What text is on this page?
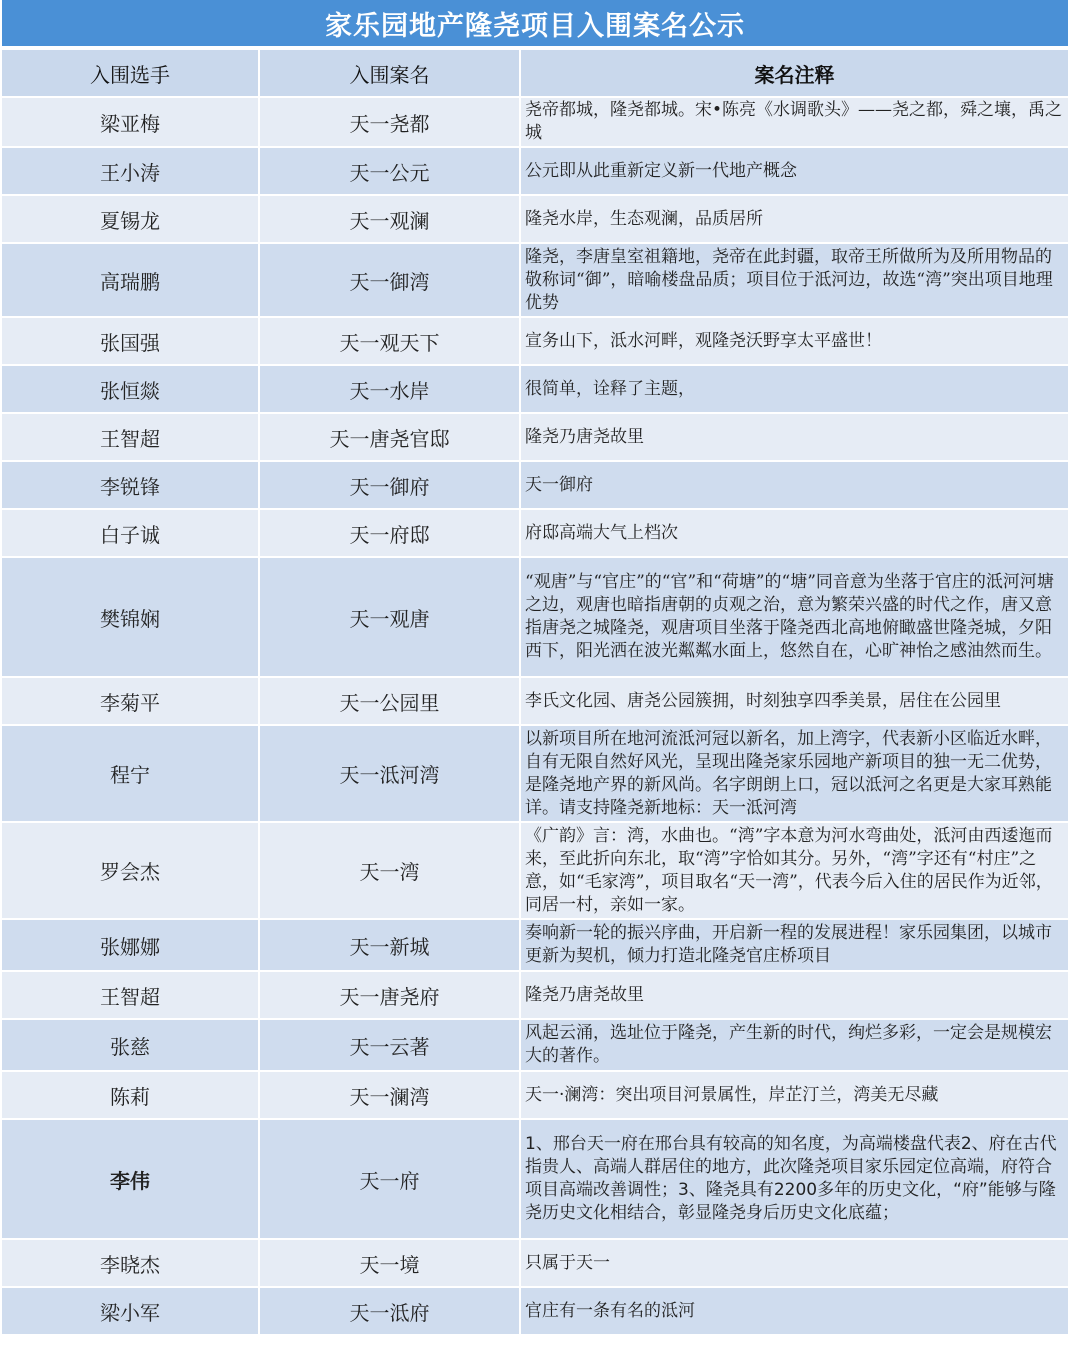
家乐园地产隆尧项目入围案名公示
入围选手	入围案名	案名注释
梁亚梅	天一尧都	尧帝都城，隆尧都城。宋•陈亮《水调歌头》——尧之都，舜之壤，禹之城
王小涛	天一公元	公元即从此重新定义新一代地产概念
夏锡龙	天一观澜	隆尧水岸，生态观澜，品质居所
高瑞鹏	天一御湾	隆尧，李唐皇室祖籍地，尧帝在此封疆，取帝王所做所为及所用物品的敬称词“御”，暗喻楼盘品质；项目位于泜河边，故选“湾”突出项目地理优势
张国强	天一观天下	宣务山下，泜水河畔，观隆尧沃野享太平盛世！
张恒燚	天一水岸	很简单，诠释了主题，
王智超	天一唐尧官邸	隆尧乃唐尧故里
李锐锋	天一御府	天一御府
白子诚	天一府邸	府邸高端大气上档次
樊锦娴	天一观唐	“观唐”与“官庄”的“官”和“荷塘”的“塘”同音意为坐落于官庄的泜河河塘之边，观唐也暗指唐朝的贞观之治，意为繁荣兴盛的时代之作，唐又意指唐尧之城隆尧，观唐项目坐落于隆尧西北高地俯瞰盛世隆尧城，夕阳西下，阳光洒在波光粼粼水面上，悠然自在，心旷神怡之感油然而生。
李菊平	天一公园里	李氏文化园、唐尧公园簇拥，时刻独享四季美景，居住在公园里
程宁	天一泜河湾	以新项目所在地河流泜河冠以新名，加上湾字，代表新小区临近水畔，自有无限自然好风光，呈现出隆尧家乐园地产新项目的独一无二优势，是隆尧地产界的新风尚。名字朗朗上口，冠以泜河之名更是大家耳熟能详。请支持隆尧新地标：天一泜河湾
罗会杰	天一湾	《广韵》言：湾，水曲也。“湾”字本意为河水弯曲处，泜河由西逶迤而来，至此折向东北，取“湾”字恰如其分。另外，“湾”字还有“村庄”之意，如“毛家湾”，项目取名“天一湾”，代表今后入住的居民作为近邻，同居一村，亲如一家。
张娜娜	天一新城	奏响新一轮的振兴序曲，开启新一程的发展进程！家乐园集团，以城市更新为契机，倾力打造北隆尧官庄桥项目
王智超	天一唐尧府	隆尧乃唐尧故里
张慈	天一云著	风起云涌，选址位于隆尧，产生新的时代，绚烂多彩，一定会是规模宏大的著作。
陈莉	天一澜湾	天一·澜湾：突出项目河景属性，岸芷汀兰，湾美无尽藏
李伟	天一府	1、邢台天一府在邢台具有较高的知名度，为高端楼盘代表2、府在古代指贵人、高端人群居住的地方，此次隆尧项目家乐园定位高端，府符合项目高端改善调性；3、隆尧具有2200多年的历史文化，“府”能够与隆尧历史文化相结合，彰显隆尧身后历史文化底蕴；
李晓杰	天一境	只属于天一
梁小军	天一泜府	官庄有一条有名的泜河
